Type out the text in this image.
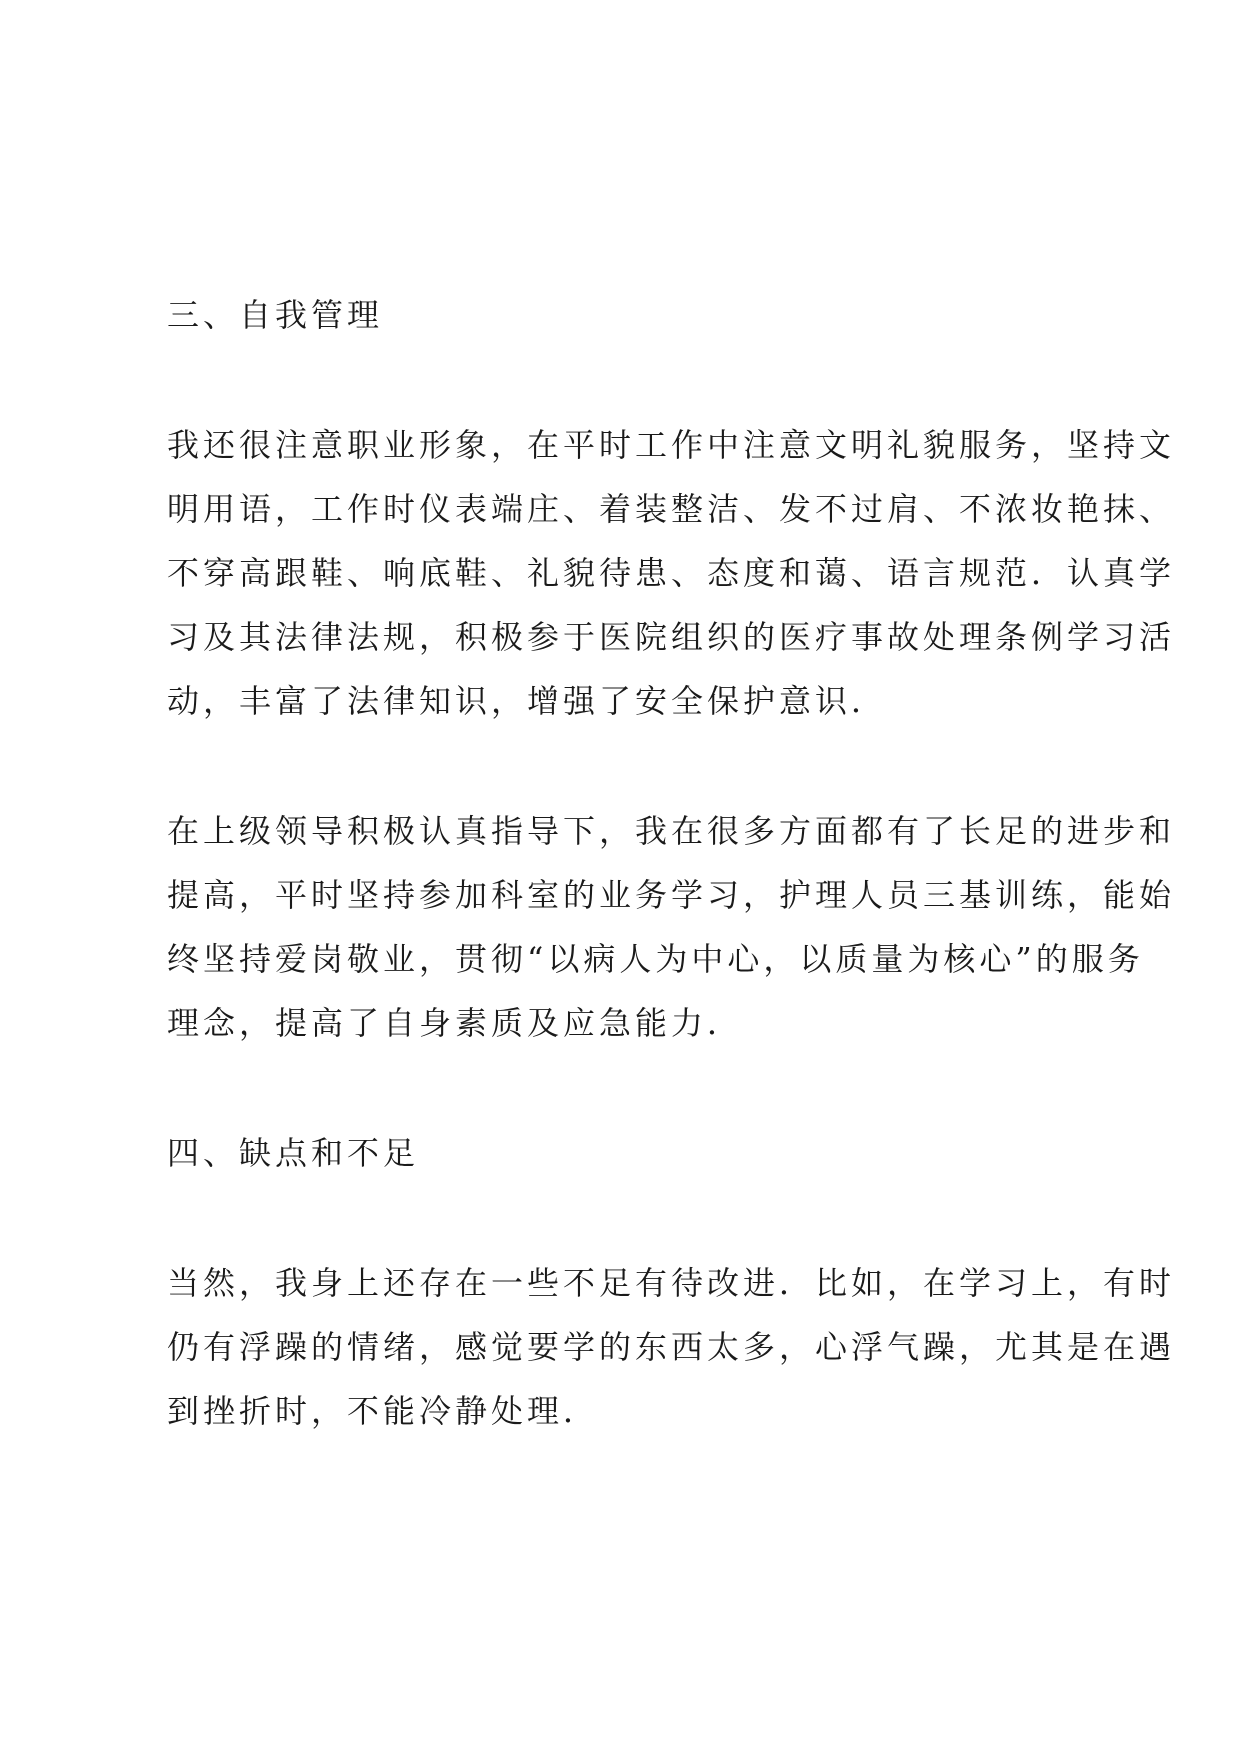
三、自我管理
我还很注意职业形象，在平时工作中注意文明礼貌服务，坚持文
明用语，工作时仪表端庄、着装整洁、发不过肩、不浓妆艳抹、
不穿高跟鞋、响底鞋、礼貌待患、态度和蔼、语言规范．认真学
习及其法律法规，积极参于医院组织的医疗事故处理条例学习活
动，丰富了法律知识，增强了安全保护意识．
在上级领导积极认真指导下，我在很多方面都有了长足的进步和
提高，平时坚持参加科室的业务学习，护理人员三基训练，能始
终坚持爱岗敬业，贯彻“以病人为中心，以质量为核心”的服务
理念，提高了自身素质及应急能力．
四、缺点和不足
当然，我身上还存在一些不足有待改进．比如，在学习上，有时
仍有浮躁的情绪，感觉要学的东西太多，心浮气躁，尤其是在遇
到挫折时，不能冷静处理．
